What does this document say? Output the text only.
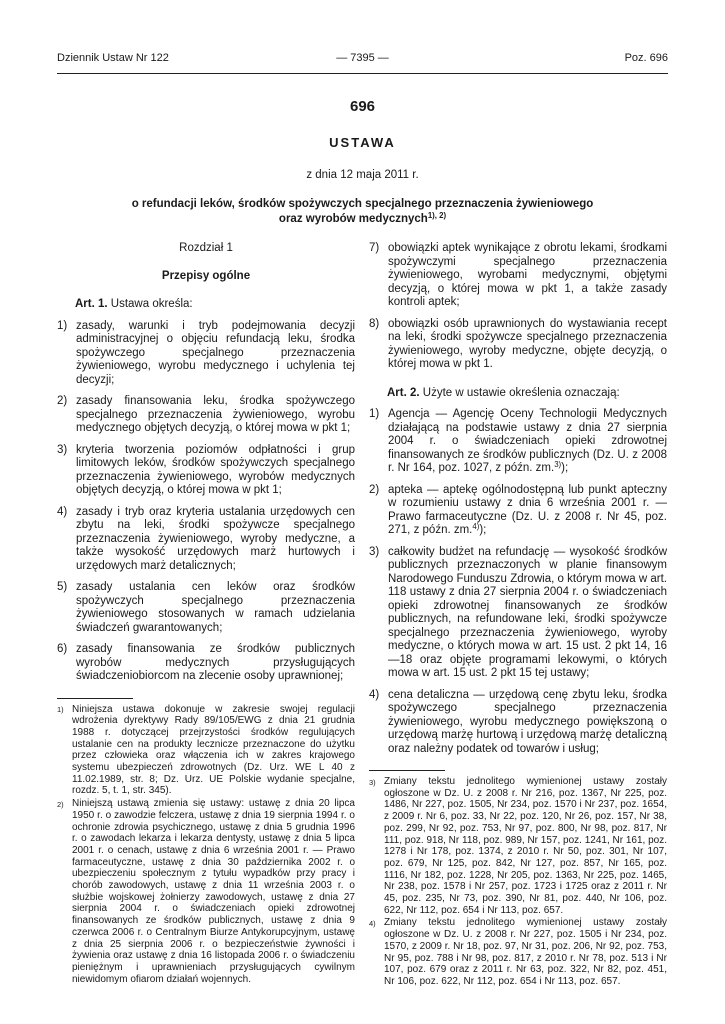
Dziennik Ustaw Nr 122	— 7395 —	Poz. 696
696
USTAWA
z dnia 12 maja 2011 r.
o refundacji leków, środków spożywczych specjalnego przeznaczenia żywieniowego
oraz wyrobów medycznych$^{1), 2)}$
Rozdział 1
Przepisy ogólne
Art. 1. Ustawa określa:
1) zasady, warunki i tryb podejmowania decyzji administracyjnej o objęciu refundacją leku, środka spożywczego specjalnego przeznaczenia żywieniowego, wyrobu medycznego i uchylenia tej decyzji;
2) zasady finansowania leku, środka spożywczego specjalnego przeznaczenia żywieniowego, wyrobu medycznego objętych decyzją, o której mowa w pkt 1;
3) kryteria tworzenia poziomów odpłatności i grup limitowych leków, środków spożywczych specjalnego przeznaczenia żywieniowego, wyrobów medycznych objętych decyzją, o której mowa w pkt 1;
4) zasady i tryb oraz kryteria ustalania urzędowych cen zbytu na leki, środki spożywcze specjalnego przeznaczenia żywieniowego, wyroby medyczne, a także wysokość urzędowych marż hurtowych i urzędowych marż detalicznych;
5) zasady ustalania cen leków oraz środków spożywczych specjalnego przeznaczenia żywieniowego stosowanych w ramach udzielania świadczeń gwarantowanych;
6) zasady finansowania ze środków publicznych wyrobów medycznych przysługujących świadczeniobiorcom na zlecenie osoby uprawnionej;
1) Niniejsza ustawa dokonuje w zakresie swojej regulacji wdrożenia dyrektywy Rady 89/105/EWG z dnia 21 grudnia 1988 r. dotyczącej przejrzystości środków regulujących ustalanie cen na produkty lecznicze przeznaczone do użytku przez człowieka oraz włączenia ich w zakres krajowego systemu ubezpieczeń zdrowotnych (Dz. Urz. WE L 40 z 11.02.1989, str. 8; Dz. Urz. UE Polskie wydanie specjalne, rozdz. 5, t. 1, str. 345).
2) Niniejszą ustawą zmienia się ustawy: ustawę z dnia 20 lipca 1950 r. o zawodzie felczera, ustawę z dnia 19 sierpnia 1994 r. o ochronie zdrowia psychicznego, ustawę z dnia 5 grudnia 1996 r. o zawodach lekarza i lekarza dentysty, ustawę z dnia 5 lipca 2001 r. o cenach, ustawę z dnia 6 września 2001 r. — Prawo farmaceutyczne, ustawę z dnia 30 października 2002 r. o ubezpieczeniu społecznym z tytułu wypadków przy pracy i chorób zawodowych, ustawę z dnia 11 września 2003 r. o służbie wojskowej żołnierzy zawodowych, ustawę z dnia 27 sierpnia 2004 r. o świadczeniach opieki zdrowotnej finansowanych ze środków publicznych, ustawę z dnia 9 czerwca 2006 r. o Centralnym Biurze Antykorupcyjnym, ustawę z dnia 25 sierpnia 2006 r. o bezpieczeństwie żywności i żywienia oraz ustawę z dnia 16 listopada 2006 r. o świadczeniu pieniężnym i uprawnieniach przysługujących cywilnym niewidomym ofiarom działań wojennych.
7) obowiązki aptek wynikające z obrotu lekami, środkami spożywczymi specjalnego przeznaczenia żywieniowego, wyrobami medycznymi, objętymi decyzją, o której mowa w pkt 1, a także zasady kontroli aptek;
8) obowiązki osób uprawnionych do wystawiania recept na leki, środki spożywcze specjalnego przeznaczenia żywieniowego, wyroby medyczne, objęte decyzją, o której mowa w pkt 1.
Art. 2. Użyte w ustawie określenia oznaczają:
1) Agencja — Agencję Oceny Technologii Medycznych działającą na podstawie ustawy z dnia 27 sierpnia 2004 r. o świadczeniach opieki zdrowotnej finansowanych ze środków publicznych (Dz. U. z 2008 r. Nr 164, poz. 1027, z późn. zm.$^{3)}$);
2) apteka — aptekę ogólnodostępną lub punkt apteczny w rozumieniu ustawy z dnia 6 września 2001 r. — Prawo farmaceutyczne (Dz. U. z 2008 r. Nr 45, poz. 271, z późn. zm.$^{4)}$);
3) całkowity budżet na refundację — wysokość środków publicznych przeznaczonych w planie finansowym Narodowego Funduszu Zdrowia, o którym mowa w art. 118 ustawy z dnia 27 sierpnia 2004 r. o świadczeniach opieki zdrowotnej finansowanych ze środków publicznych, na refundowane leki, środki spożywcze specjalnego przeznaczenia żywieniowego, wyroby medyczne, o których mowa w art. 15 ust. 2 pkt 14, 16—18 oraz objęte programami lekowymi, o których mowa w art. 15 ust. 2 pkt 15 tej ustawy;
4) cena detaliczna — urzędową cenę zbytu leku, środka spożywczego specjalnego przeznaczenia żywieniowego, wyrobu medycznego powiększoną o urzędową marżę hurtową i urzędową marżę detaliczną oraz należny podatek od towarów i usług;
3) Zmiany tekstu jednolitego wymienionej ustawy zostały ogłoszone w Dz. U. z 2008 r. Nr 216, poz. 1367, Nr 225, poz. 1486, Nr 227, poz. 1505, Nr 234, poz. 1570 i Nr 237, poz. 1654, z 2009 r. Nr 6, poz. 33, Nr 22, poz. 120, Nr 26, poz. 157, Nr 38, poz. 299, Nr 92, poz. 753, Nr 97, poz. 800, Nr 98, poz. 817, Nr 111, poz. 918, Nr 118, poz. 989, Nr 157, poz. 1241, Nr 161, poz. 1278 i Nr 178, poz. 1374, z 2010 r. Nr 50, poz. 301, Nr 107, poz. 679, Nr 125, poz. 842, Nr 127, poz. 857, Nr 165, poz. 1116, Nr 182, poz. 1228, Nr 205, poz. 1363, Nr 225, poz. 1465, Nr 238, poz. 1578 i Nr 257, poz. 1723 i 1725 oraz z 2011 r. Nr 45, poz. 235, Nr 73, poz. 390, Nr 81, poz. 440, Nr 106, poz. 622, Nr 112, poz. 654 i Nr 113, poz. 657.
4) Zmiany tekstu jednolitego wymienionej ustawy zostały ogłoszone w Dz. U. z 2008 r. Nr 227, poz. 1505 i Nr 234, poz. 1570, z 2009 r. Nr 18, poz. 97, Nr 31, poz. 206, Nr 92, poz. 753, Nr 95, poz. 788 i Nr 98, poz. 817, z 2010 r. Nr 78, poz. 513 i Nr 107, poz. 679 oraz z 2011 r. Nr 63, poz. 322, Nr 82, poz. 451, Nr 106, poz. 622, Nr 112, poz. 654 i Nr 113, poz. 657.
